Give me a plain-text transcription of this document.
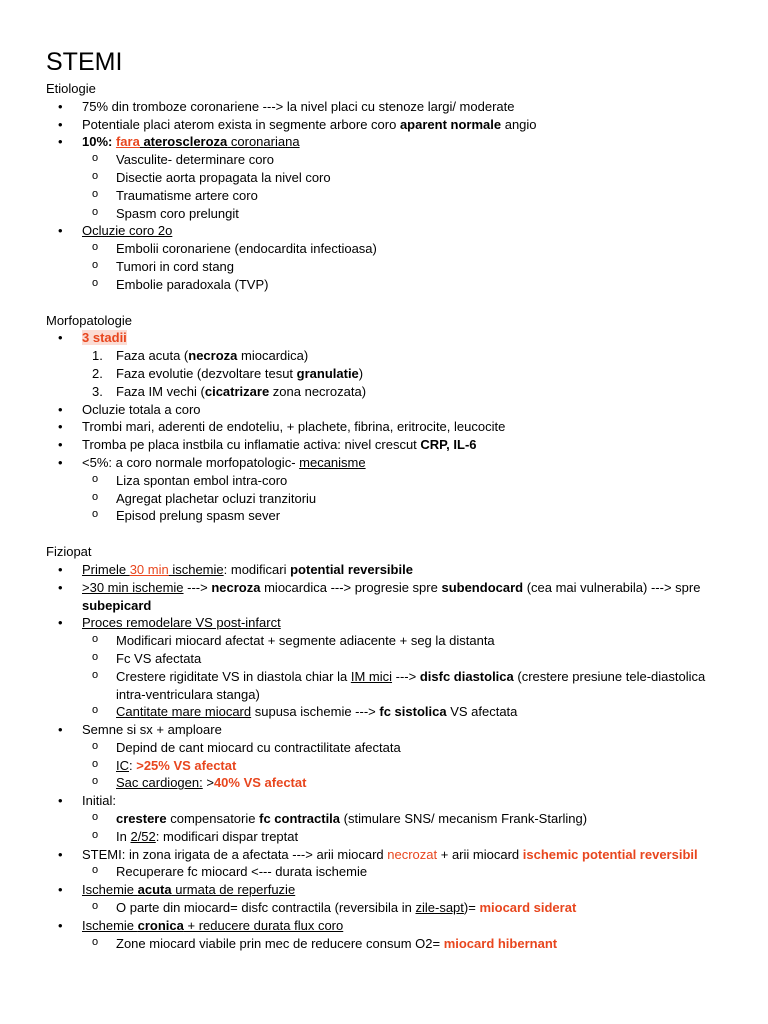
STEMI
Etiologie
• 75% din tromboze coronariene ---> la nivel placi cu stenoze largi/ moderate
• Potentiale placi aterom exista in segmente arbore coro aparent normale angio
• 10%: fara ateroscleroza coronariana
o Vasculite- determinare coro
o Disectie aorta propagata la nivel coro
o Traumatisme artere coro
o Spasm coro prelungit
• Ocluzie coro 2o
o Embolii coronariene (endocardita infectioasa)
o Tumori in cord stang
o Embolie paradoxala (TVP)
Morfopatologie
• 3 stadii
1. Faza acuta (necroza miocardica)
2. Faza evolutie (dezvoltare tesut granulatie)
3. Faza IM vechi (cicatrizare zona necrozata)
• Ocluzie totala a coro
• Trombi mari, aderenti de endoteliu, + plachete, fibrina, eritrocite, leucocite
• Tromba pe placa instbila cu inflamatie activa: nivel crescut CRP, IL-6
• <5%: a coro normale morfopatologic- mecanisme
o Liza spontan embol intra-coro
o Agregat plachetar ocluzi tranzitoriu
o Episod prelung spasm sever
Fiziopat
• Primele 30 min ischemie: modificari potential reversibile
• >30 min ischemie ---> necroza miocardica ---> progresie spre subendocard (cea mai vulnerabila) ---> spre subepicard
• Proces remodelare VS post-infarct
o Modificari miocard afectat + segmente adiacente + seg la distanta
o Fc VS afectata
o Crestere rigiditate VS in diastola chiar la IM mici ---> disfc diastolica (crestere presiune tele-diastolica intra-ventriculara stanga)
o Cantitate mare miocard supusa ischemie ---> fc sistolica VS afectata
• Semne si sx + amploare
o Depind de cant miocard cu contractilitate afectata
o IC: >25% VS afectat
o Sac cardiogen: >40% VS afectat
• Initial:
o crestere compensatorie fc contractila (stimulare SNS/ mecanism Frank-Starling)
o In 2/52: modificari dispar treptat
• STEMI: in zona irigata de a afectata ---> arii miocard necrozat + arii miocard ischemic potential reversibil
o Recuperare fc miocard <--- durata ischemie
• Ischemie acuta urmata de reperfuzie
o O parte din miocard= disfc contractila (reversibila in zile-sapt)= miocard siderat
• Ischemie cronica + reducere durata flux coro
o Zone miocard viabile prin mec de reducere consum O2= miocard hibernant
